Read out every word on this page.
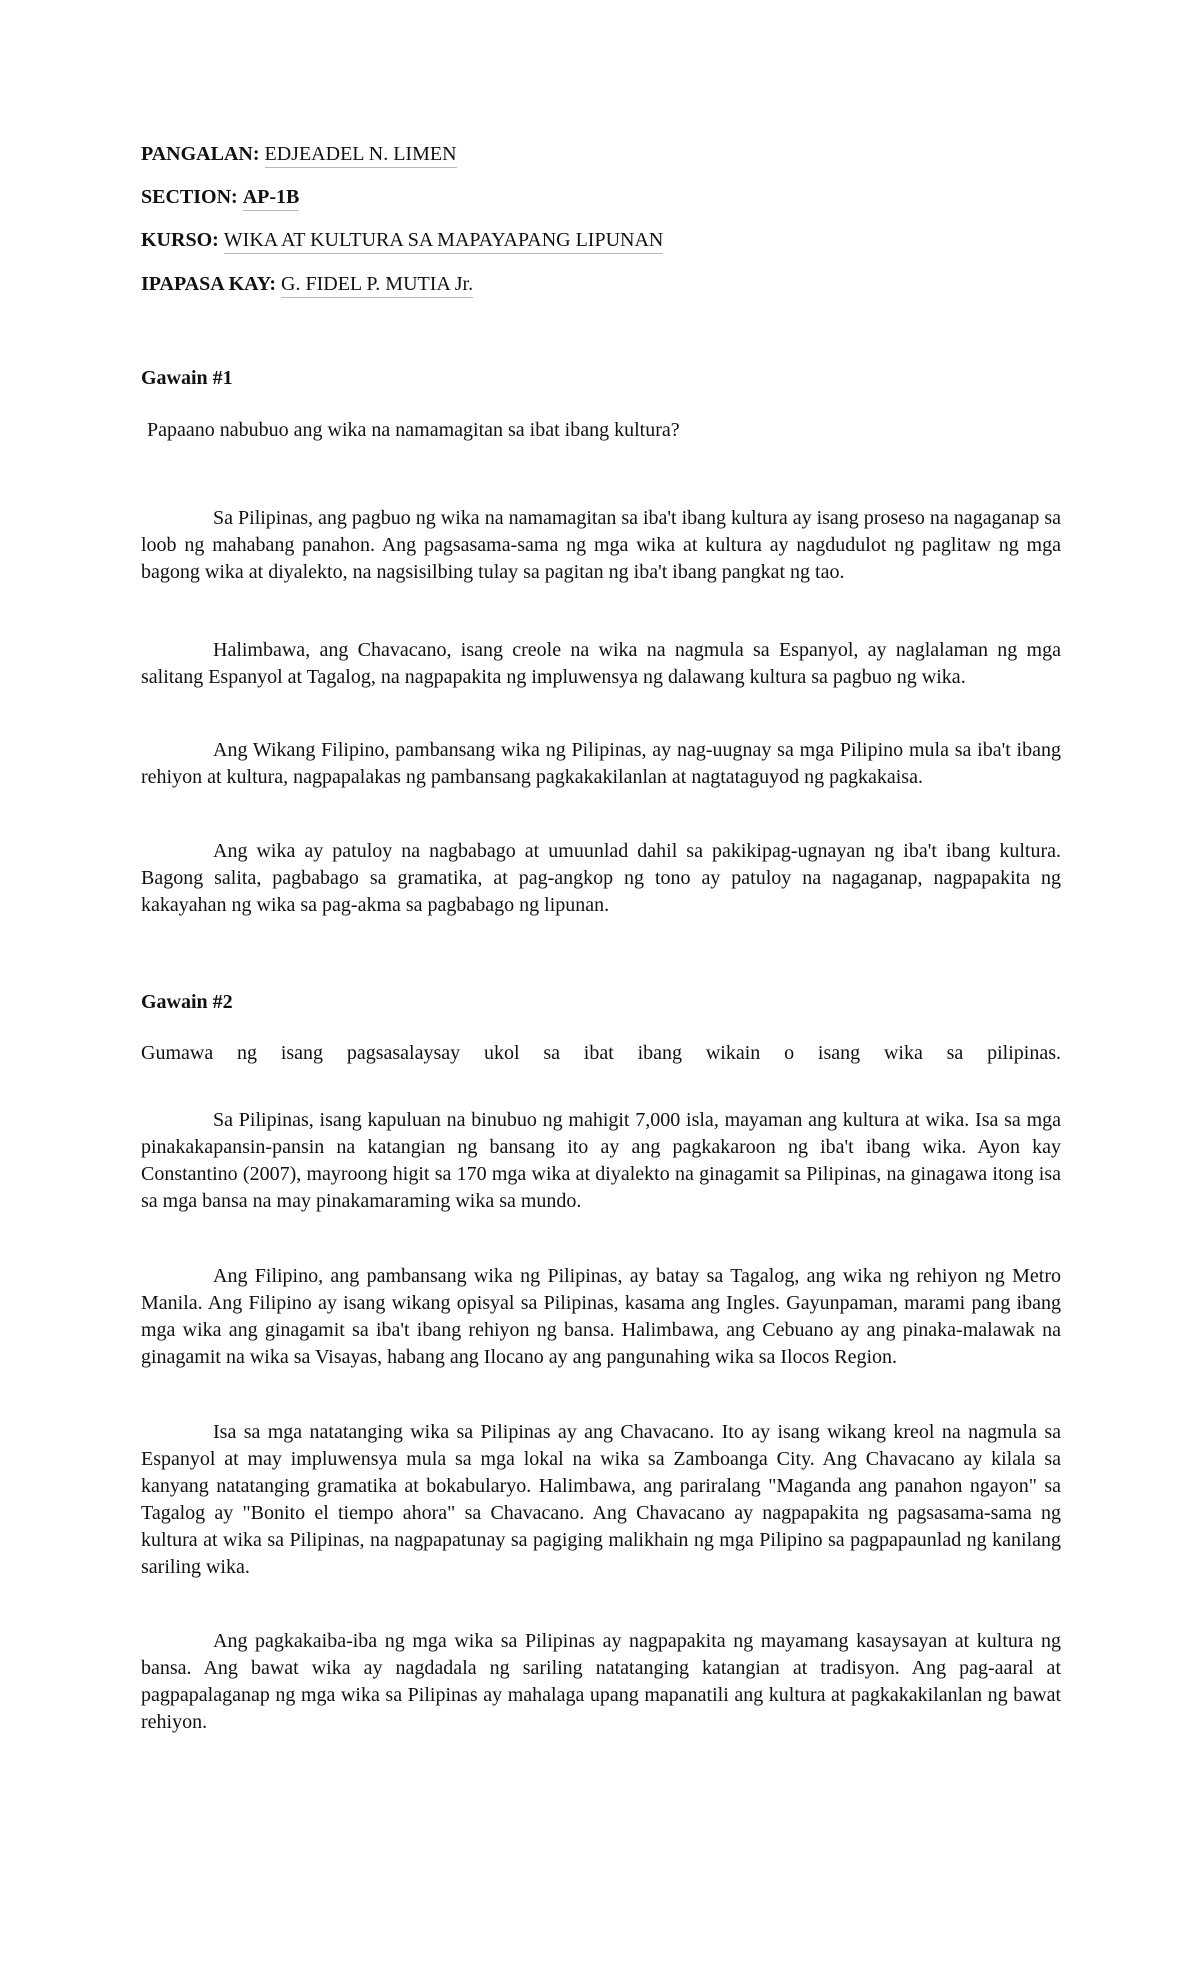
PANGALAN: EDJEADEL N. LIMEN
SECTION: AP-1B
KURSO: WIKA AT KULTURA SA MAPAYAPANG LIPUNAN
IPAPASA KAY: G. FIDEL P. MUTIA Jr.
Gawain #1
Papaano nabubuo ang wika na namamagitan sa ibat ibang kultura?

Sa Pilipinas, ang pagbuo ng wika na namamagitan sa iba't ibang kultura ay isang proseso na nagaganap sa loob ng mahabang panahon. Ang pagsasama-sama ng mga wika at kultura ay nagdudulot ng paglitaw ng mga bagong wika at diyalekto, na nagsisilbing tulay sa pagitan ng iba't ibang pangkat ng tao.

Halimbawa, ang Chavacano, isang creole na wika na nagmula sa Espanyol, ay naglalaman ng mga salitang Espanyol at Tagalog, na nagpapakita ng impluwensya ng dalawang kultura sa pagbuo ng wika.

Ang Wikang Filipino, pambansang wika ng Pilipinas, ay nag-uugnay sa mga Pilipino mula sa iba't ibang rehiyon at kultura, nagpapalakas ng pambansang pagkakakilanlan at nagtataguyod ng pagkakaisa.

Ang wika ay patuloy na nagbabago at umuunlad dahil sa pakikipag-ugnayan ng iba't ibang kultura. Bagong salita, pagbabago sa gramatika, at pag-angkop ng tono ay patuloy na nagaganap, nagpapakita ng kakayahan ng wika sa pag-akma sa pagbabago ng lipunan.

Gawain #2
Gumawa ng isang pagsasalaysay ukol sa ibat ibang wikain o isang wika sa pilipinas.

Sa Pilipinas, isang kapuluan na binubuo ng mahigit 7,000 isla, mayaman ang kultura at wika. Isa sa mga pinakakapansin-pansin na katangian ng bansang ito ay ang pagkakaroon ng iba't ibang wika. Ayon kay Constantino (2007), mayroong higit sa 170 mga wika at diyalekto na ginagamit sa Pilipinas, na ginagawa itong isa sa mga bansa na may pinakamaraming wika sa mundo.

Ang Filipino, ang pambansang wika ng Pilipinas, ay batay sa Tagalog, ang wika ng rehiyon ng Metro Manila. Ang Filipino ay isang wikang opisyal sa Pilipinas, kasama ang Ingles. Gayunpaman, marami pang ibang mga wika ang ginagamit sa iba't ibang rehiyon ng bansa. Halimbawa, ang Cebuano ay ang pinaka-malawak na ginagamit na wika sa Visayas, habang ang Ilocano ay ang pangunahing wika sa Ilocos Region.

Isa sa mga natatanging wika sa Pilipinas ay ang Chavacano. Ito ay isang wikang kreol na nagmula sa Espanyol at may impluwensya mula sa mga lokal na wika sa Zamboanga City. Ang Chavacano ay kilala sa kanyang natatanging gramatika at bokabularyo. Halimbawa, ang pariralang "Maganda ang panahon ngayon" sa Tagalog ay "Bonito el tiempo ahora" sa Chavacano. Ang Chavacano ay nagpapakita ng pagsasama-sama ng kultura at wika sa Pilipinas, na nagpapatunay sa pagiging malikhain ng mga Pilipino sa pagpapaunlad ng kanilang sariling wika.

Ang pagkakaiba-iba ng mga wika sa Pilipinas ay nagpapakita ng mayamang kasaysayan at kultura ng bansa. Ang bawat wika ay nagdadala ng sariling natatanging katangian at tradisyon. Ang pag-aaral at pagpapalaganap ng mga wika sa Pilipinas ay mahalaga upang mapanatili ang kultura at pagkakakilanlan ng bawat rehiyon.
